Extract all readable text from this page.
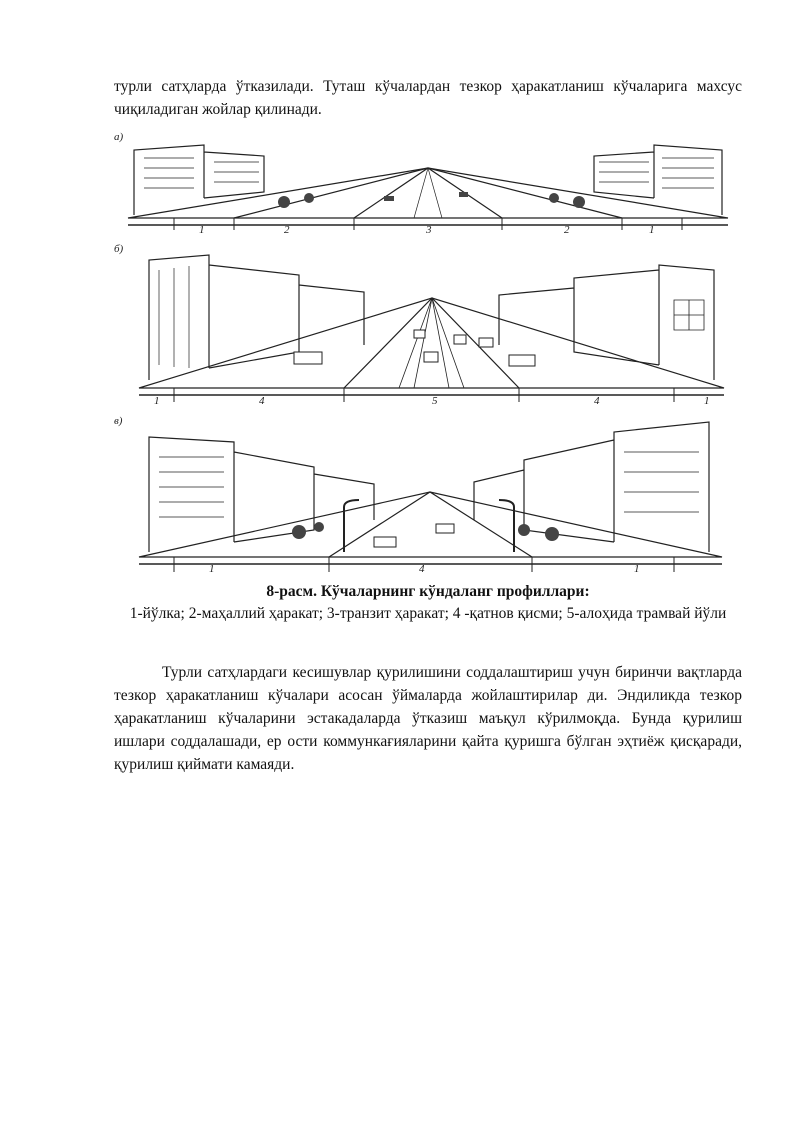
турли сатҳларда ўтказилади. Туташ кўчалардан тезкор ҳаракатланиш кўчаларига махсус чиқиладиган жойлар қилинади.

а)
1	2	3	2	1
б)
1	4	5	4	1
в)
1	4	1
8-расм. Кўчаларнинг кўндаланг профиллари:
1-йўлка; 2-маҳаллий ҳаракат; 3-транзит ҳаракат; 4 -қатнов қисми; 5-алоҳида трамвай йўли

Турли сатҳлардаги кесишувлар қурилишини соддалаштириш учун биринчи вақтларда тезкор ҳаракатланиш кўчалари асосан ўймаларда жойлаштирилар ди. Эндиликда тезкор ҳаракатланиш кўчаларини эстакадаларда ўтказиш маъқул кўрилмоқда. Бунда қурилиш ишлари соддалашади, ер ости коммункағияларини қайта қуришга бўлган эҳтиёж қисқаради, қурилиш қиймати камаяди.
